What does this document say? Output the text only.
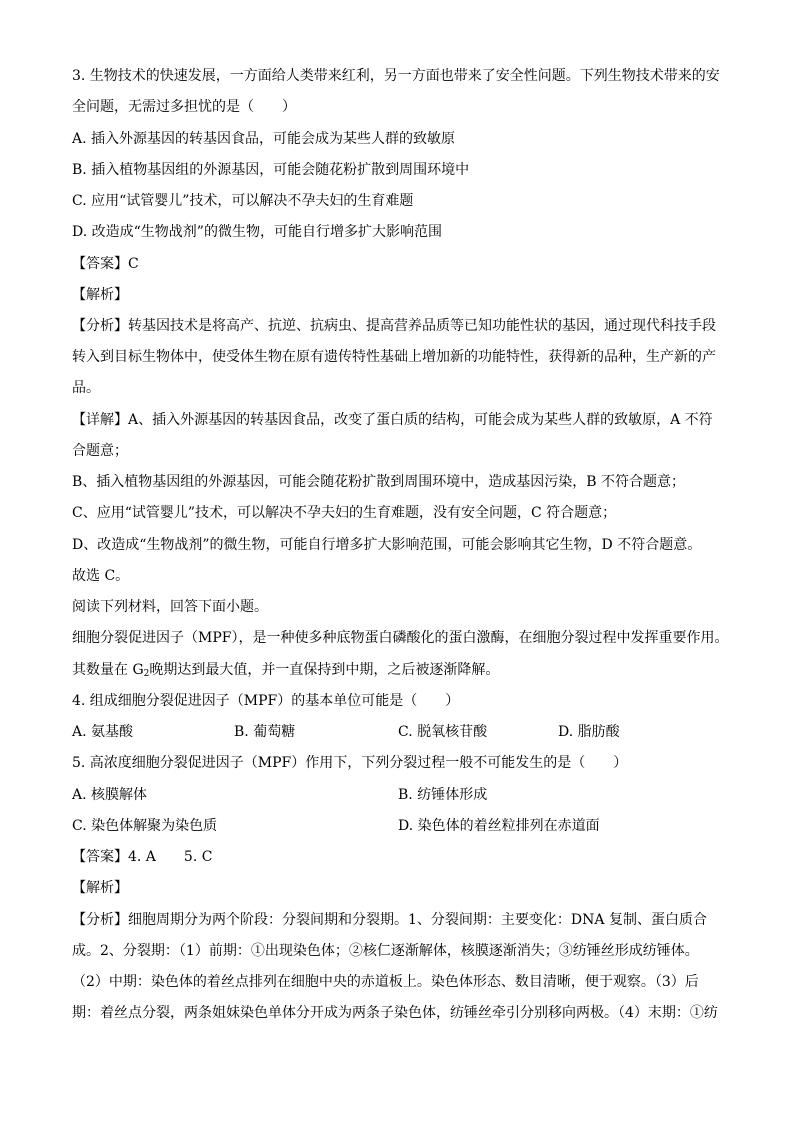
3. 生物技术的快速发展，一方面给人类带来红利，另一方面也带来了安全性问题。下列生物技术带来的安
全问题，无需过多担忧的是（　　）
A. 插入外源基因的转基因食品，可能会成为某些人群的致敏原
B. 插入植物基因组的外源基因，可能会随花粉扩散到周围环境中
C. 应用“试管婴儿”技术，可以解决不孕夫妇的生育难题
D. 改造成“生物战剂”的微生物，可能自行增多扩大影响范围
【答案】C
【解析】
【分析】转基因技术是将高产、抗逆、抗病虫、提高营养品质等已知功能性状的基因，通过现代科技手段
转入到目标生物体中，使受体生物在原有遗传特性基础上增加新的功能特性，获得新的品种，生产新的产
品。
【详解】A、插入外源基因的转基因食品，改变了蛋白质的结构，可能会成为某些人群的致敏原，A 不符
合题意；
B、插入植物基因组的外源基因，可能会随花粉扩散到周围环境中，造成基因污染，B 不符合题意；
C、应用“试管婴儿”技术，可以解决不孕夫妇的生育难题，没有安全问题，C 符合题意；
D、改造成“生物战剂”的微生物，可能自行增多扩大影响范围，可能会影响其它生物，D 不符合题意。
故选 C。
阅读下列材料，回答下面小题。
细胞分裂促进因子（MPF），是一种使多种底物蛋白磷酸化的蛋白激酶，在细胞分裂过程中发挥重要作用。
其数量在 $G_2$晚期达到最大值，并一直保持到中期，之后被逐渐降解。
4. 组成细胞分裂促进因子（MPF）的基本单位可能是（　　）
A. 氨基酸	B. 葡萄糖	C. 脱氧核苷酸	D. 脂肪酸
5. 高浓度细胞分裂促进因子（MPF）作用下，下列分裂过程一般不可能发生的是（　　）
A. 核膜解体	B. 纺锤体形成
C. 染色体解聚为染色质	D. 染色体的着丝粒排列在赤道面
【答案】4. A　　5. C
【解析】
【分析】细胞周期分为两个阶段：分裂间期和分裂期。1、分裂间期：主要变化：DNA 复制、蛋白质合
成。2、分裂期：（1）前期：①出现染色体；②核仁逐渐解体，核膜逐渐消失；③纺锤丝形成纺锤体。
（2）中期：染色体的着丝点排列在细胞中央的赤道板上。染色体形态、数目清晰，便于观察。（3）后
期：着丝点分裂，两条姐妹染色单体分开成为两条子染色体，纺锤丝牵引分别移向两极。（4）末期：①纺
